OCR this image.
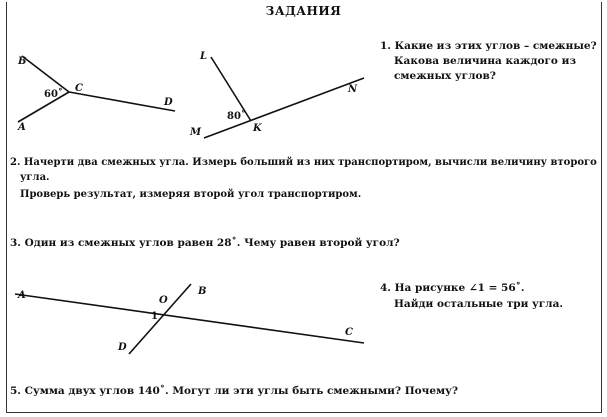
ЗАДАНИЯ
B
C
A
D
60˚
L
N
M	K
80˚
A	B
O
1
C
D
1. Какие из этих углов – смежные?
Какова величина каждого из
смежных углов?
2. Начерти два смежных угла. Измерь больший из них транспортиром, вычисли величину второго
угла.
Проверь результат, измеряя второй угол транспортиром.
3. Один из смежных углов равен 28˚. Чему равен второй угол?
4. На рисунке ∠1 = 56˚.
Найди остальные три угла.
5. Сумма двух углов 140˚. Могут ли эти углы быть смежными? Почему?
